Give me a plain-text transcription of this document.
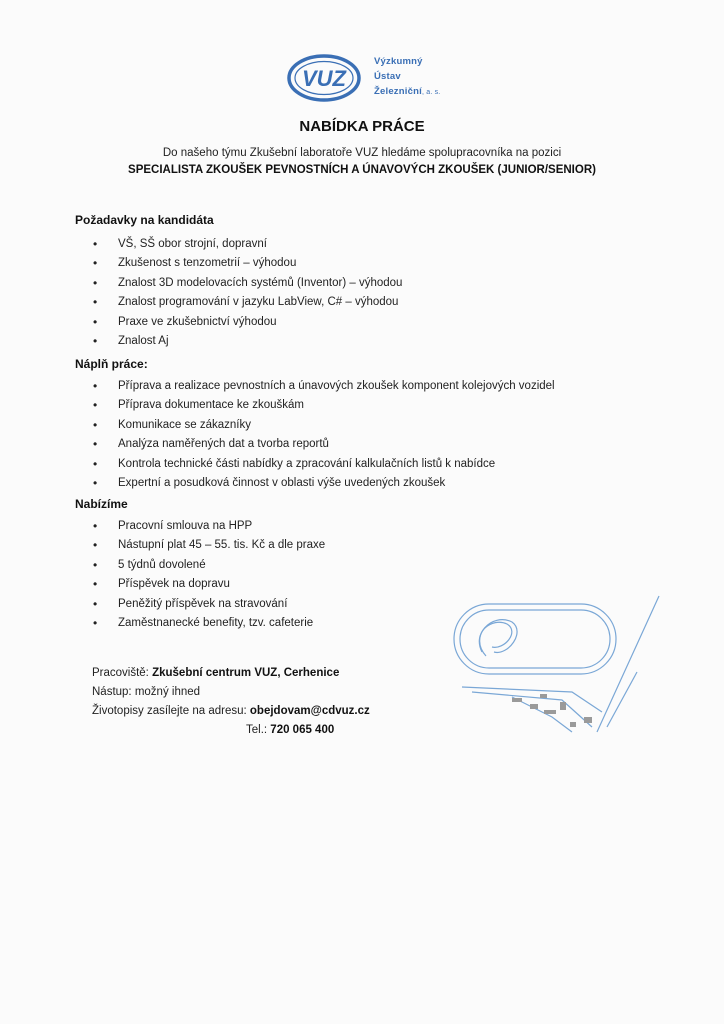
VUZ
Výzkumný
Ústav
Železniční, a. s.
NABÍDKA PRÁCE
Do našeho týmu Zkušební laboratoře VUZ hledáme spolupracovníka na pozici
SPECIALISTA ZKOUŠEK PEVNOSTNÍCH A ÚNAVOVÝCH ZKOUŠEK (JUNIOR/SENIOR)
Požadavky na kandidáta
• VŠ, SŠ obor strojní, dopravní
• Zkušenost s tenzometrií – výhodou
• Znalost 3D modelovacích systémů (Inventor) – výhodou
• Znalost programování v jazyku LabView, C# – výhodou
• Praxe ve zkušebnictví výhodou
• Znalost Aj
Náplň práce:
• Příprava a realizace pevnostních a únavových zkoušek komponent kolejových vozidel
• Příprava dokumentace ke zkouškám
• Komunikace se zákazníky
• Analýza naměřených dat a tvorba reportů
• Kontrola technické části nabídky a zpracování kalkulačních listů k nabídce
• Expertní a posudková činnost v oblasti výše uvedených zkoušek
Nabízíme
• Pracovní smlouva na HPP
• Nástupní plat 45 – 55. tis. Kč a dle praxe
• 5 týdnů dovolené
• Příspěvek na dopravu
• Peněžitý příspěvek na stravování
• Zaměstnanecké benefity, tzv. cafeterie
Pracoviště: Zkušební centrum VUZ, Cerhenice
Nástup: možný ihned
Životopisy zasílejte na adresu: obejdovam@cdvuz.cz
Tel.: 720 065 400
